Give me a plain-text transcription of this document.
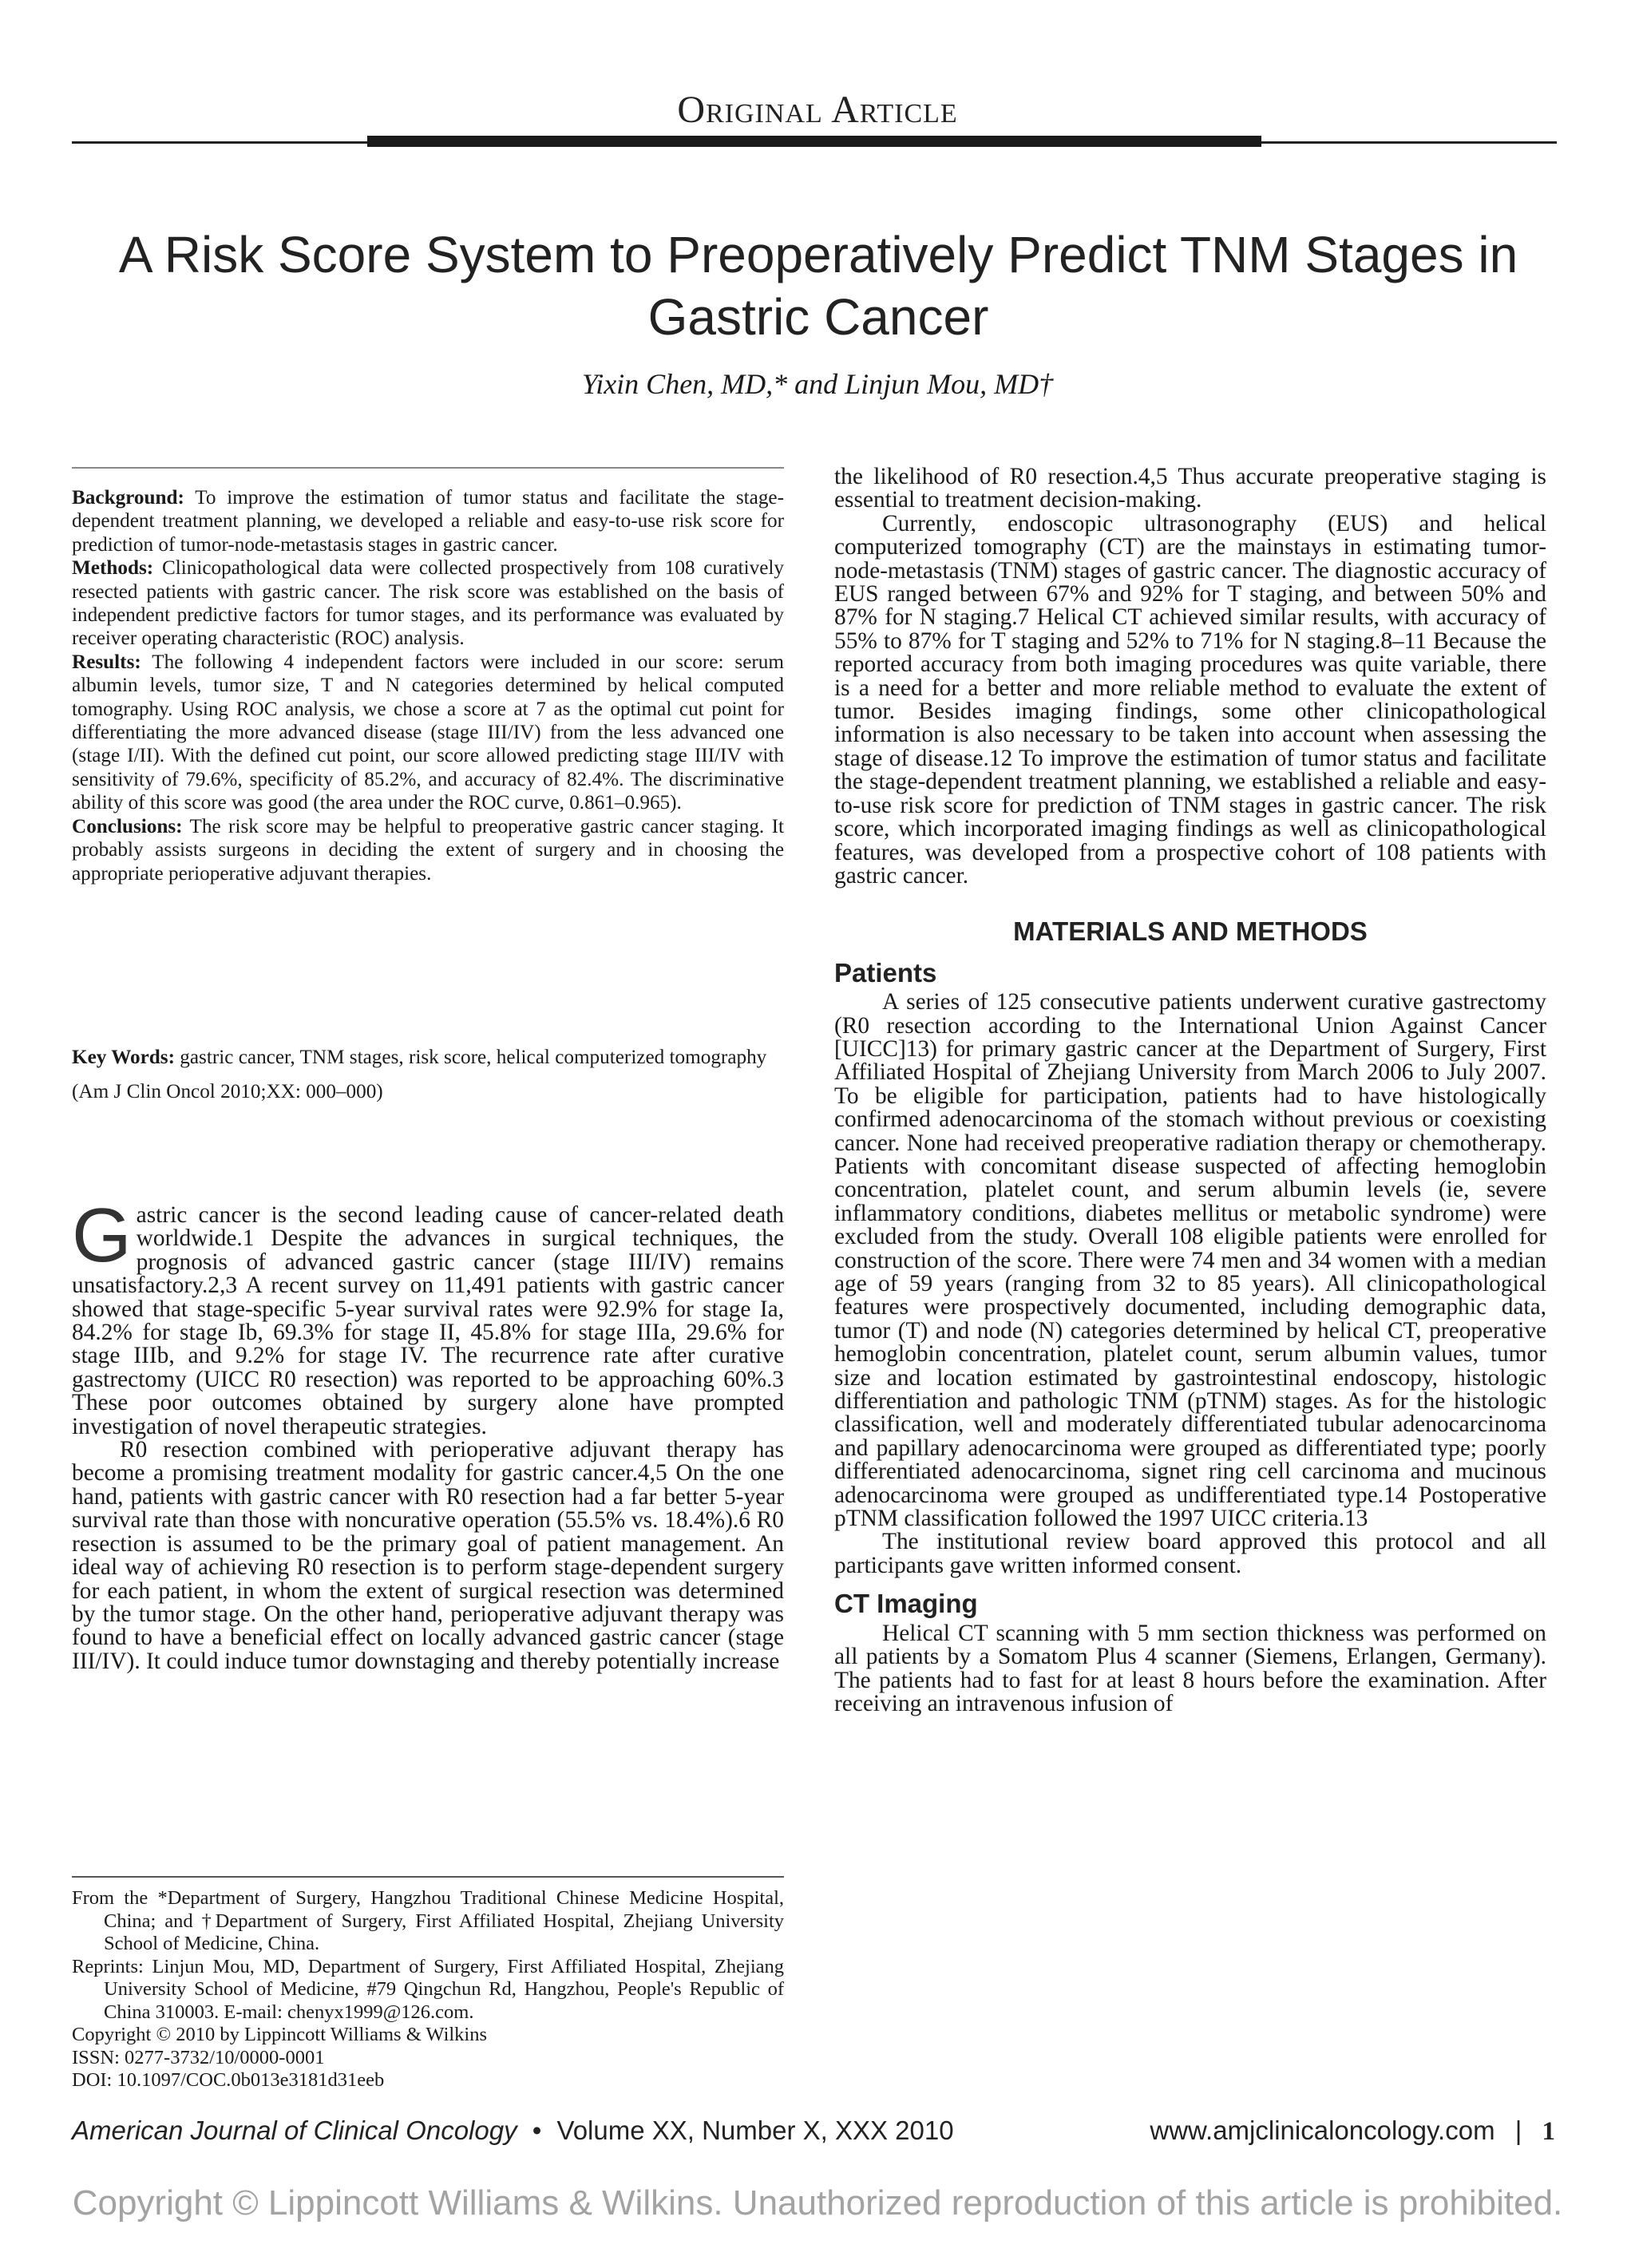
Original Article
A Risk Score System to Preoperatively Predict TNM Stages in Gastric Cancer
Yixin Chen, MD,* and Linjun Mou, MD†

Background: To improve the estimation of tumor status and facilitate the stage-dependent treatment planning, we developed a reliable and easy-to-use risk score for prediction of tumor-node-metastasis stages in gastric cancer.

Methods: Clinicopathological data were collected prospectively from 108 curatively resected patients with gastric cancer. The risk score was established on the basis of independent predictive factors for tumor stages, and its performance was evaluated by receiver operating characteristic (ROC) analysis.

Results: The following 4 independent factors were included in our score: serum albumin levels, tumor size, T and N categories determined by helical computed tomography. Using ROC analysis, we chose a score at 7 as the optimal cut point for differentiating the more advanced disease (stage III/IV) from the less advanced one (stage I/II). With the defined cut point, our score allowed predicting stage III/IV with sensitivity of 79.6%, specificity of 85.2%, and accuracy of 82.4%. The discriminative ability of this score was good (the area under the ROC curve, 0.861–0.965).

Conclusions: The risk score may be helpful to preoperative gastric cancer staging. It probably assists surgeons in deciding the extent of surgery and in choosing the appropriate perioperative adjuvant therapies.

Key Words: gastric cancer, TNM stages, risk score, helical computerized tomography

(Am J Clin Oncol 2010;XX: 000–000)

Gastric cancer is the second leading cause of cancer-related death worldwide.1 Despite the advances in surgical techniques, the prognosis of advanced gastric cancer (stage III/IV) remains unsatisfactory.2,3 A recent survey on 11,491 patients with gastric cancer showed that stage-specific 5-year survival rates were 92.9% for stage Ia, 84.2% for stage Ib, 69.3% for stage II, 45.8% for stage IIIa, 29.6% for stage IIIb, and 9.2% for stage IV. The recurrence rate after curative gastrectomy (UICC R0 resection) was reported to be approaching 60%.3 These poor outcomes obtained by surgery alone have prompted investigation of novel therapeutic strategies.

R0 resection combined with perioperative adjuvant therapy has become a promising treatment modality for gastric cancer.4,5 On the one hand, patients with gastric cancer with R0 resection had a far better 5-year survival rate than those with noncurative operation (55.5% vs. 18.4%).6 R0 resection is assumed to be the primary goal of patient management. An ideal way of achieving R0 resection is to perform stage-dependent surgery for each patient, in whom the extent of surgical resection was determined by the tumor stage. On the other hand, perioperative adjuvant therapy was found to have a beneficial effect on locally advanced gastric cancer (stage III/IV). It could induce tumor downstaging and thereby potentially increase

From the *Department of Surgery, Hangzhou Traditional Chinese Medicine Hospital, China; and †Department of Surgery, First Affiliated Hospital, Zhejiang University School of Medicine, China.

Reprints: Linjun Mou, MD, Department of Surgery, First Affiliated Hospital, Zhejiang University School of Medicine, #79 Qingchun Rd, Hangzhou, People's Republic of China 310003. E-mail: chenyx1999@126.com.

Copyright © 2010 by Lippincott Williams & Wilkins

ISSN: 0277-3732/10/0000-0001

DOI: 10.1097/COC.0b013e3181d31eeb

the likelihood of R0 resection.4,5 Thus accurate preoperative staging is essential to treatment decision-making.

Currently, endoscopic ultrasonography (EUS) and helical computerized tomography (CT) are the mainstays in estimating tumor-node-metastasis (TNM) stages of gastric cancer. The diagnostic accuracy of EUS ranged between 67% and 92% for T staging, and between 50% and 87% for N staging.7 Helical CT achieved similar results, with accuracy of 55% to 87% for T staging and 52% to 71% for N staging.8–11 Because the reported accuracy from both imaging procedures was quite variable, there is a need for a better and more reliable method to evaluate the extent of tumor. Besides imaging findings, some other clinicopathological information is also necessary to be taken into account when assessing the stage of disease.12 To improve the estimation of tumor status and facilitate the stage-dependent treatment planning, we established a reliable and easy-to-use risk score for prediction of TNM stages in gastric cancer. The risk score, which incorporated imaging findings as well as clinicopathological features, was developed from a prospective cohort of 108 patients with gastric cancer.

MATERIALS AND METHODS
Patients

A series of 125 consecutive patients underwent curative gastrectomy (R0 resection according to the International Union Against Cancer [UICC]13) for primary gastric cancer at the Department of Surgery, First Affiliated Hospital of Zhejiang University from March 2006 to July 2007. To be eligible for participation, patients had to have histologically confirmed adenocarcinoma of the stomach without previous or coexisting cancer. None had received preoperative radiation therapy or chemotherapy. Patients with concomitant disease suspected of affecting hemoglobin concentration, platelet count, and serum albumin levels (ie, severe inflammatory conditions, diabetes mellitus or metabolic syndrome) were excluded from the study. Overall 108 eligible patients were enrolled for construction of the score. There were 74 men and 34 women with a median age of 59 years (ranging from 32 to 85 years). All clinicopathological features were prospectively documented, including demographic data, tumor (T) and node (N) categories determined by helical CT, preoperative hemoglobin concentration, platelet count, serum albumin values, tumor size and location estimated by gastrointestinal endoscopy, histologic differentiation and pathologic TNM (pTNM) stages. As for the histologic classification, well and moderately differentiated tubular adenocarcinoma and papillary adenocarcinoma were grouped as differentiated type; poorly differentiated adenocarcinoma, signet ring cell carcinoma and mucinous adenocarcinoma were grouped as undifferentiated type.14 Postoperative pTNM classification followed the 1997 UICC criteria.13

The institutional review board approved this protocol and all participants gave written informed consent.

CT Imaging

Helical CT scanning with 5 mm section thickness was performed on all patients by a Somatom Plus 4 scanner (Siemens, Erlangen, Germany). The patients had to fast for at least 8 hours before the examination. After receiving an intravenous infusion of

American Journal of Clinical Oncology • Volume XX, Number X, XXX 2010	www.amjclinicaloncology.com | 1
Copyright © Lippincott Williams & Wilkins. Unauthorized reproduction of this article is prohibited.
